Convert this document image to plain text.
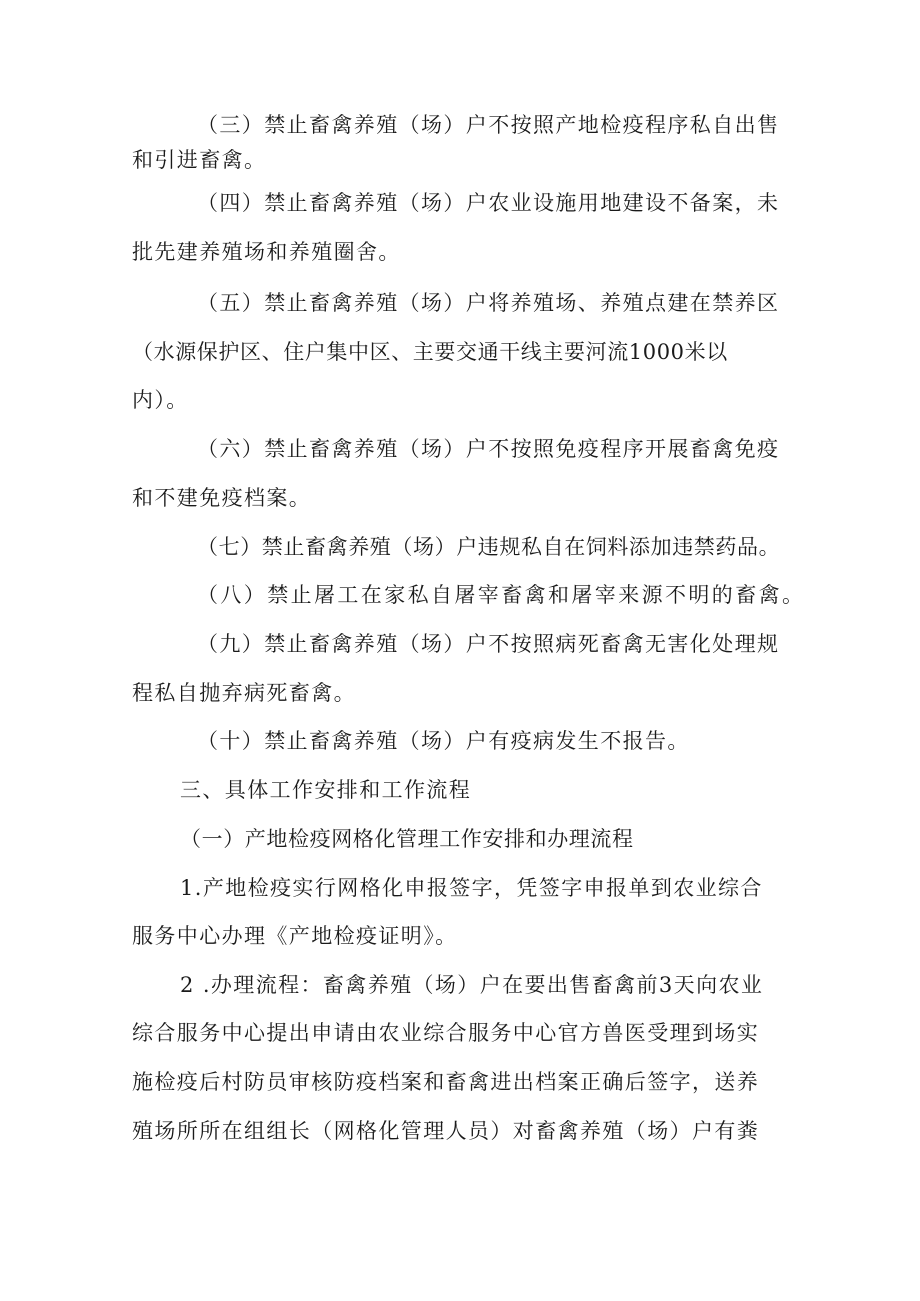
（三）禁止畜禽养殖（场）户不按照产地检疫程序私自出售
和引进畜禽。
（四）禁止畜禽养殖（场）户农业设施用地建设不备案，未
批先建养殖场和养殖圈舍。
（五）禁止畜禽养殖（场）户将养殖场、养殖点建在禁养区
（水源保护区、住户集中区、主要交通干线主要河流1000米以
内）。
（六）禁止畜禽养殖（场）户不按照免疫程序开展畜禽免疫
和不建免疫档案。
（七）禁止畜禽养殖（场）户违规私自在饲料添加违禁药品。
（八）禁止屠工在家私自屠宰畜禽和屠宰来源不明的畜禽。
（九）禁止畜禽养殖（场）户不按照病死畜禽无害化处理规
程私自抛弃病死畜禽。
（十）禁止畜禽养殖（场）户有疫病发生不报告。
三、具体工作安排和工作流程
（一）产地检疫网格化管理工作安排和办理流程
1.产地检疫实行网格化申报签字，凭签字申报单到农业综合
服务中心办理《产地检疫证明》。
2 .办理流程：畜禽养殖（场）户在要出售畜禽前3天向农业
综合服务中心提出申请由农业综合服务中心官方兽医受理到场实
施检疫后村防员审核防疫档案和畜禽进出档案正确后签字，送养
殖场所所在组组长（网格化管理人员）对畜禽养殖（场）户有粪
